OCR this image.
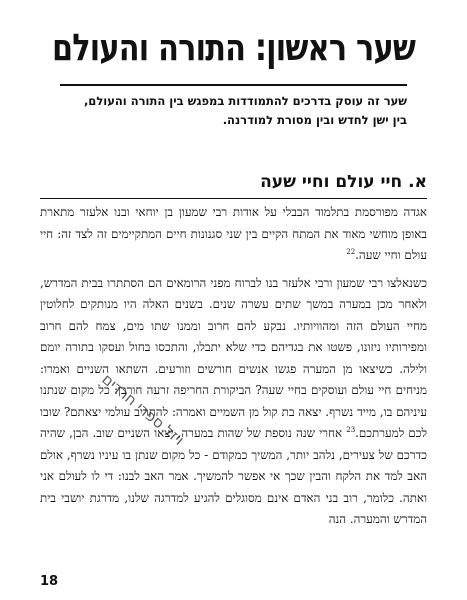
שער ראשון: התורה והעולם
שער זה עוסק בדרכים להתמודדות במפגש בין התורה והעולם,
בין ישן לחדש ובין מסורת למודרנה.
א. חיי עולם וחיי שעה

אגדה מפורסמת בתלמוד הבבלי על אודות רבי שמעון בן יוחאי ובנו אלעזר מתארת באופן מוחשי מאוד את המתח הקיים בין שני סגנונות חיים המתקיימים זה לצד זה: חיי עולם וחיי שעה.$^{22}$

כשנאלצו רבי שמעון ורבי אלעזר בנו לברוח מפני הרומאים הם הסתתרו בבית המדרש, ולאחר מכן במערה במשך שתים עשרה שנים. בשנים האלה היו מנותקים לחלוטין מחיי העולם הזה ומהוויותיו. נבקע להם חרוב וממנו שתו מים, צמח להם חרוב ומפירותיו ניזונו, פשטו את בגדיהם כדי שלא יתבלו, והתכסו בחול ועסקו בתורה יומם ולילה. כשיצאו מן המערה פגשו אנשים חורשים וזורעים. השתאו השניים ואמרו: מניחים חיי עולם ועוסקים בחיי שעה? הביקורת החריפה זרעה חורבן: כל מקום שנתנו עיניהם בו, מייד נשרף. יצאה בת קול מן השמיים ואמרה: להחריב עולמי יצאתם? שובו לכם למערתכם.$^{23}$ אחרי שנה נוספת של שהות במערה, יצאו השניים שוב. הבן, שהיה כדרכם של צעירים, נלהב יותר, המשיך כמקודם - כל מקום שנתן בו עיניו נשרף, אולם האב למד את הלקח והבין שכך אי אפשר להמשיך. אמר האב לבנו: די לו לעולם אני ואתה. כלומר, רוב בני האדם אינם מסוגלים להגיע למדרגה שלנו, מדרגת יושבי בית המדרש והמערה. הנה

ויזל ספרי חרדים
18
